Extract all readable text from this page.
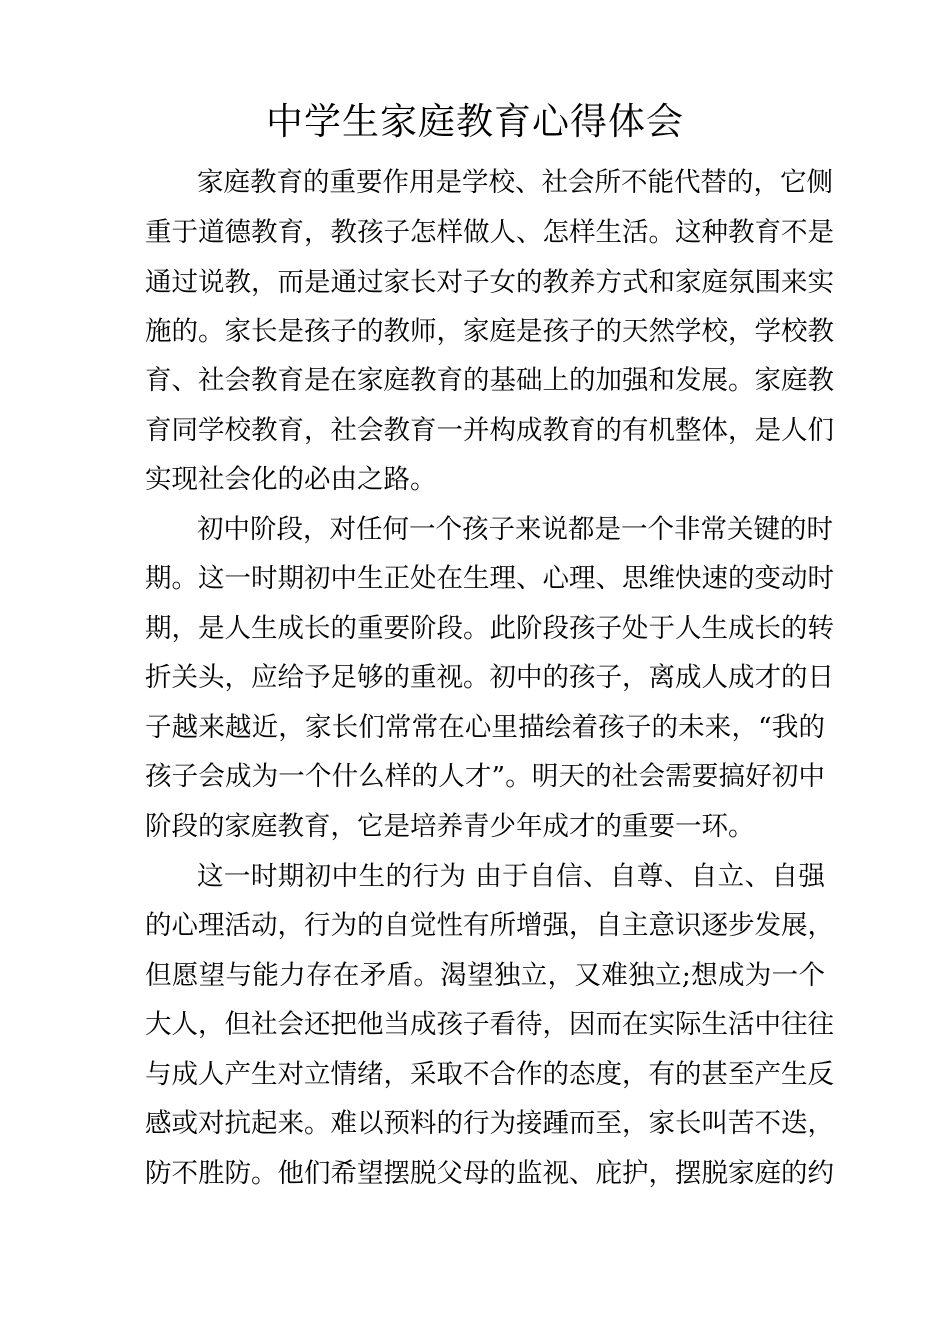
中学生家庭教育心得体会

家庭教育的重要作用是学校、社会所不能代替的，它侧

重于道德教育，教孩子怎样做人、怎样生活。这种教育不是

通过说教，而是通过家长对子女的教养方式和家庭氛围来实

施的。家长是孩子的教师，家庭是孩子的天然学校，学校教

育、社会教育是在家庭教育的基础上的加强和发展。家庭教

育同学校教育，社会教育一并构成教育的有机整体，是人们

实现社会化的必由之路。

初中阶段，对任何一个孩子来说都是一个非常关键的时

期。这一时期初中生正处在生理、心理、思维快速的变动时

期，是人生成长的重要阶段。此阶段孩子处于人生成长的转

折关头，应给予足够的重视。初中的孩子，离成人成才的日

子越来越近，家长们常常在心里描绘着孩子的未来，“我的

孩子会成为一个什么样的人才”。明天的社会需要搞好初中

阶段的家庭教育，它是培养青少年成才的重要一环。

这一时期初中生的行为 由于自信、自尊、自立、自强

的心理活动，行为的自觉性有所增强，自主意识逐步发展，

但愿望与能力存在矛盾。渴望独立，又难独立;想成为一个

大人，但社会还把他当成孩子看待，因而在实际生活中往往

与成人产生对立情绪，采取不合作的态度，有的甚至产生反

感或对抗起来。难以预料的行为接踵而至，家长叫苦不迭，

防不胜防。他们希望摆脱父母的监视、庇护，摆脱家庭的约
